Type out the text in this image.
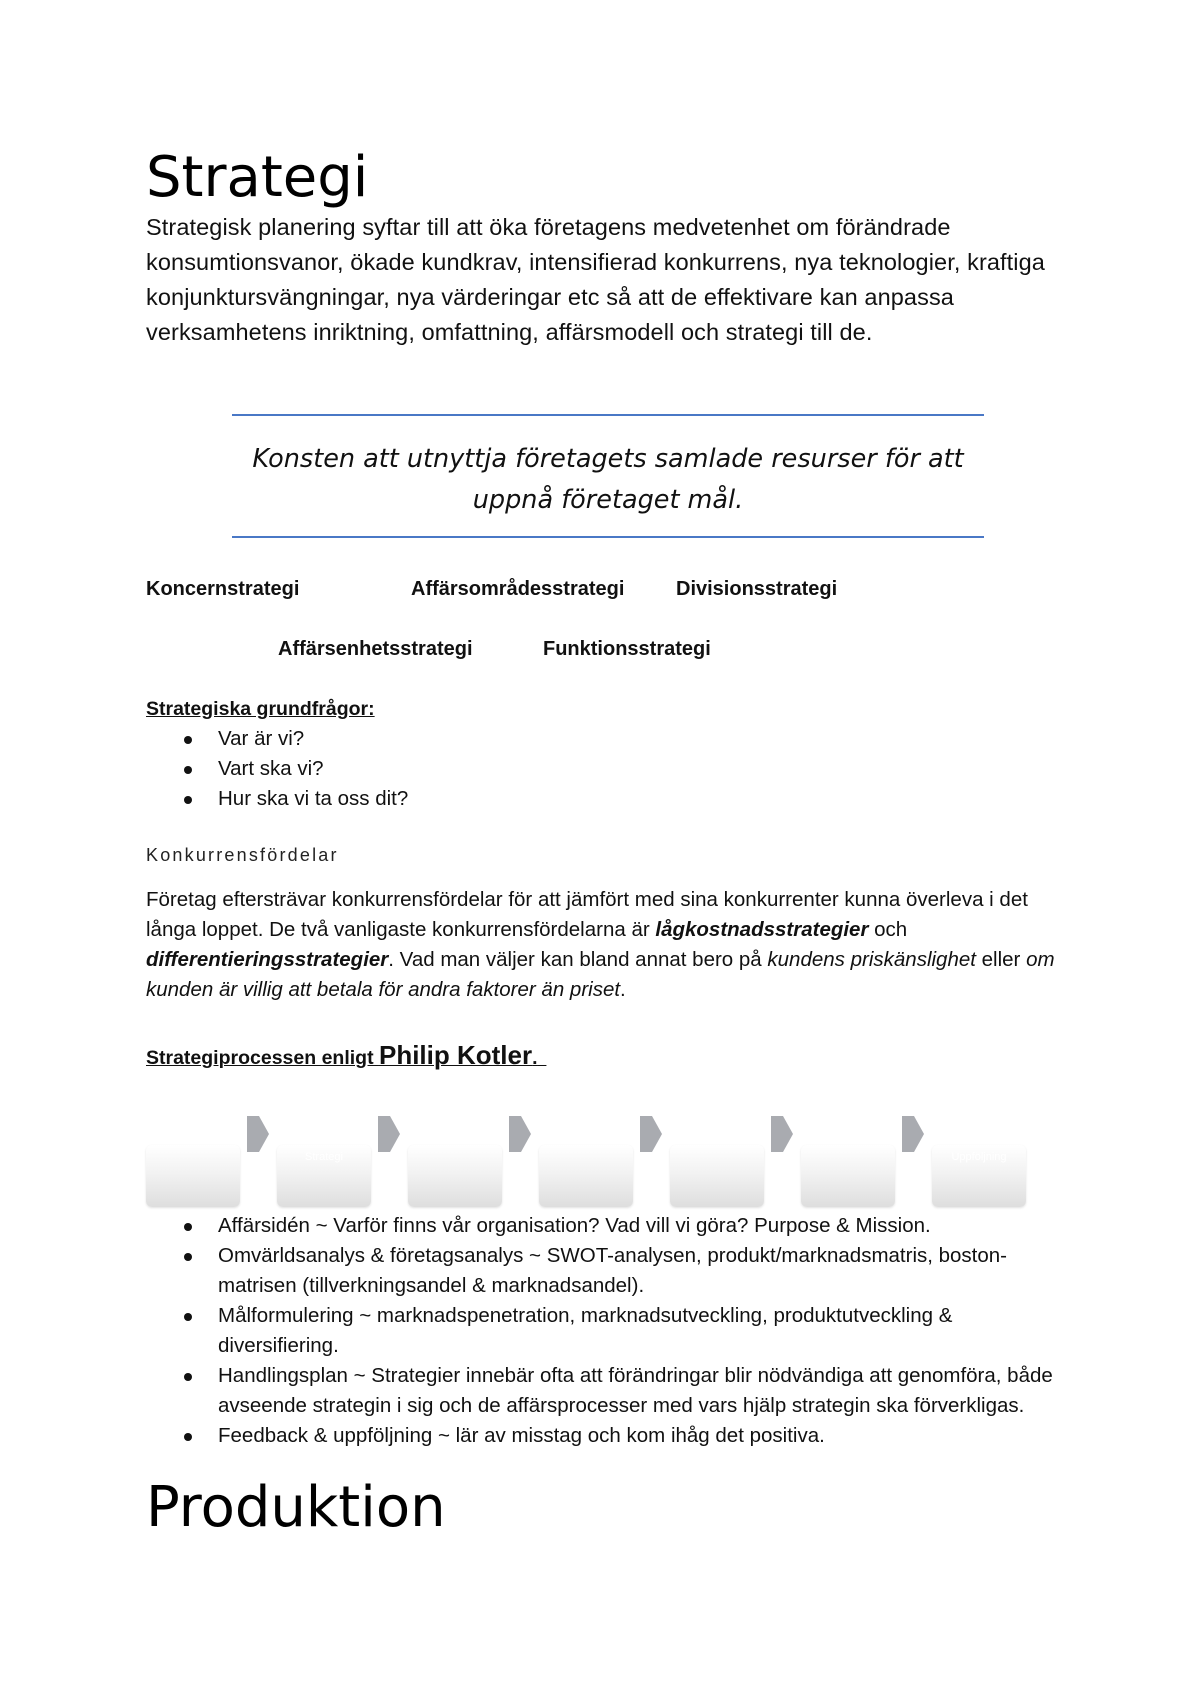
Strategi
Strategisk planering syftar till att öka företagens medvetenhet om förändrade konsumtionsvanor, ökade kundkrav, intensifierad konkurrens, nya teknologier, kraftiga konjunktursvängningar, nya värderingar etc så att de effektivare kan anpassa verksamhetens inriktning, omfattning, affärsmodell och strategi till de.
Konsten att utnyttja företagets samlade resurser för att
uppnå företaget mål.
Koncernstrategi	Affärsområdesstrategi	Divisionsstrategi
Affärsenhetsstrategi	Funktionsstrategi
Strategiska grundfrågor:
Var är vi?
Vart ska vi?
Hur ska vi ta oss dit?
Konkurrensfördelar
Företag eftersträvar konkurrensfördelar för att jämfört med sina konkurrenter kunna överleva i det långa loppet. De två vanligaste konkurrensfördelarna är lågkostnadsstrategier och differentieringsstrategier. Vad man väljer kan bland annat bero på kundens priskänslighet eller om kunden är villig att betala för andra faktorer än priset.
Strategiprocessen enligt Philip Kotler.
Strategi	Uppföljning
Affärsidén ~ Varför finns vår organisation? Vad vill vi göra? Purpose & Mission.
Omvärldsanalys & företagsanalys ~ SWOT-analysen, produkt/marknadsmatris, boston-matrisen (tillverkningsandel & marknadsandel).
Målformulering ~ marknadspenetration, marknadsutveckling, produktutveckling & diversifiering.
Handlingsplan ~ Strategier innebär ofta att förändringar blir nödvändiga att genomföra, både avseende strategin i sig och de affärsprocesser med vars hjälp strategin ska förverkligas.
Feedback & uppföljning ~ lär av misstag och kom ihåg det positiva.
Produktion
